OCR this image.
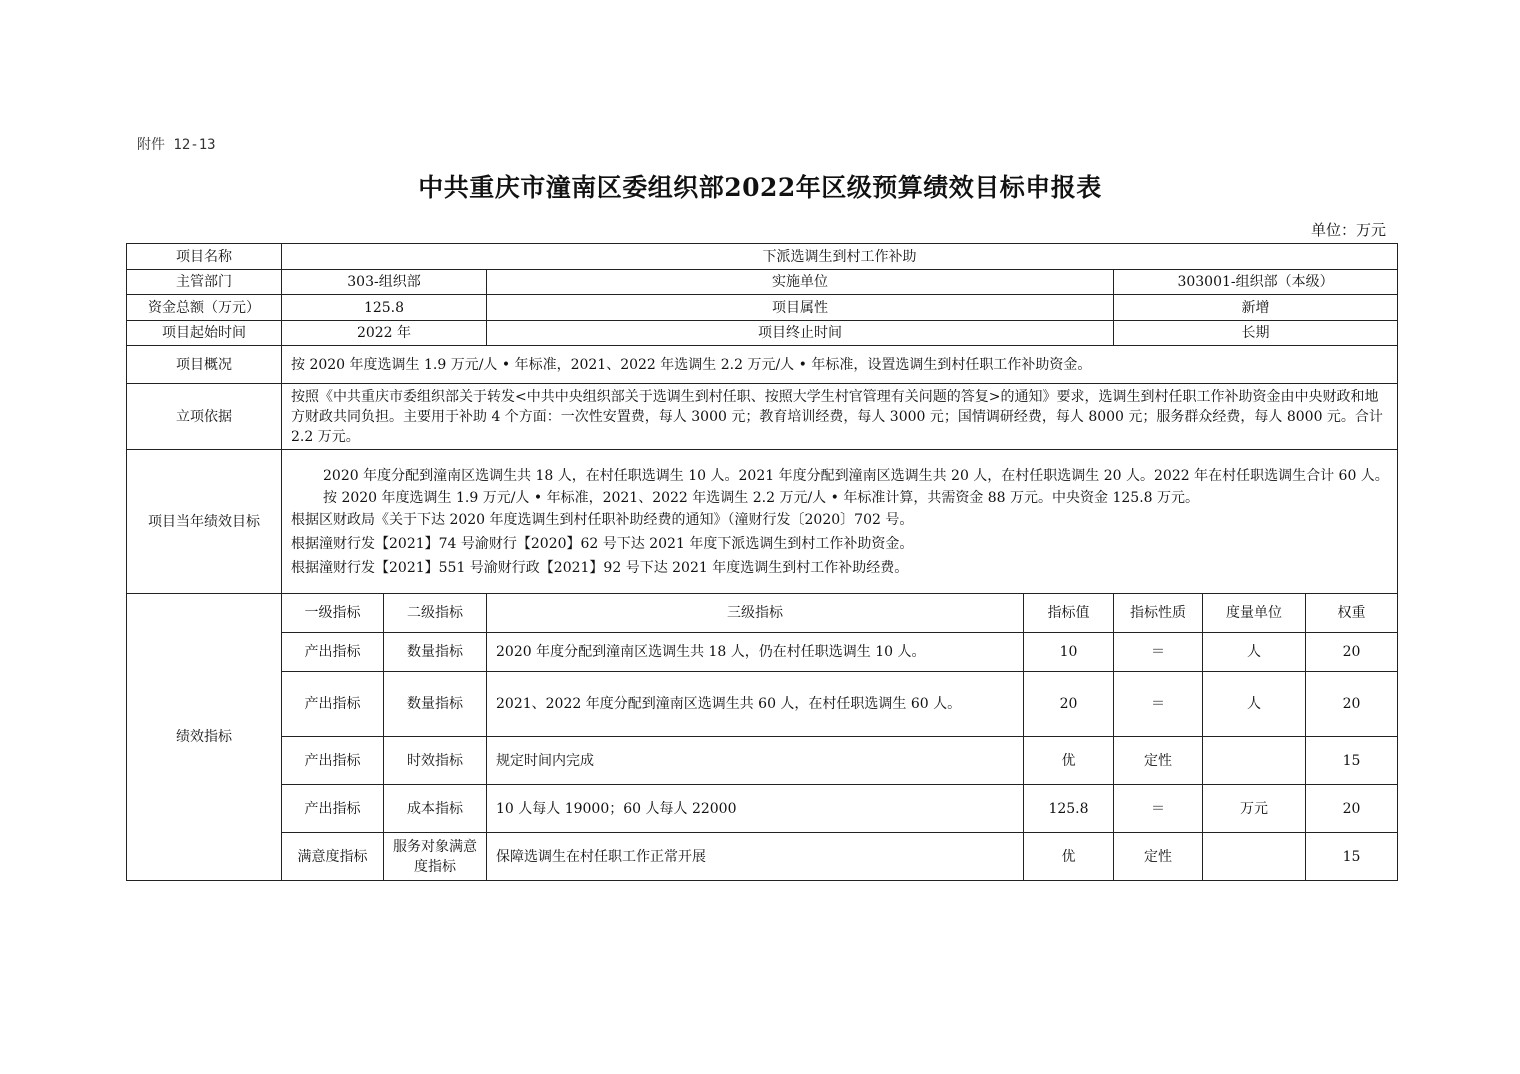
附件 12-13
中共重庆市潼南区委组织部2022年区级预算绩效目标申报表
单位：万元
项目名称	下派选调生到村工作补助						
主管部门	303-组织部		实施单位		303001-组织部（本级）		
资金总额（万元）	125.8		项目属性		新增		
项目起始时间	2022 年		项目终止时间		长期		
项目概况	按 2020 年度选调生 1.9 万元/人 • 年标准，2021、2022 年选调生 2.2 万元/人 • 年标准，设置选调生到村任职工作补助资金。						
立项依据	按照《中共重庆市委组织部关于转发<中共中央组织部关于选调生到村任职、按照大学生村官管理有关问题的答复>的通知》要求，选调生到村任职工作补助资金由中央财政和地方财政共同负担。主要用于补助 4 个方面：一次性安置费，每人 3000 元；教育培训经费，每人 3000 元；国情调研经费，每人 8000 元；服务群众经费，每人 8000 元。合计 2.2 万元。						
项目当年绩效目标	2020 年度分配到潼南区选调生共 18 人，在村任职选调生 10 人。2021 年度分配到潼南区选调生共 20 人，在村任职选调生 20 人。2022 年在村任职选调生合计 60 人。

按 2020 年度选调生 1.9 万元/人 • 年标准，2021、2022 年选调生 2.2 万元/人 • 年标准计算，共需资金 88 万元。中央资金 125.8 万元。

根据区财政局《关于下达 2020 年度选调生到村任职补助经费的通知》（潼财行发〔2020〕702 号。

根据潼财行发【2021】74 号渝财行【2020】62 号下达 2021 年度下派选调生到村工作补助资金。

根据潼财行发【2021】551 号渝财行政【2021】92 号下达 2021 年度选调生到村工作补助经费。						

绩效指标	一级指标	二级指标	三级指标	指标值	指标性质	度量单位	权重
	产出指标	数量指标	2020 年度分配到潼南区选调生共 18 人，仍在村任职选调生 10 人。	10	＝	人	20
	产出指标	数量指标	2021、2022 年度分配到潼南区选调生共 60 人，在村任职选调生 60 人。	20	＝	人	20
	产出指标	时效指标	规定时间内完成	优	定性		15
	产出指标	成本指标	10 人每人 19000；60 人每人 22000	125.8	＝	万元	20
	满意度指标	服务对象满意度指标	保障选调生在村任职工作正常开展	优	定性		15
